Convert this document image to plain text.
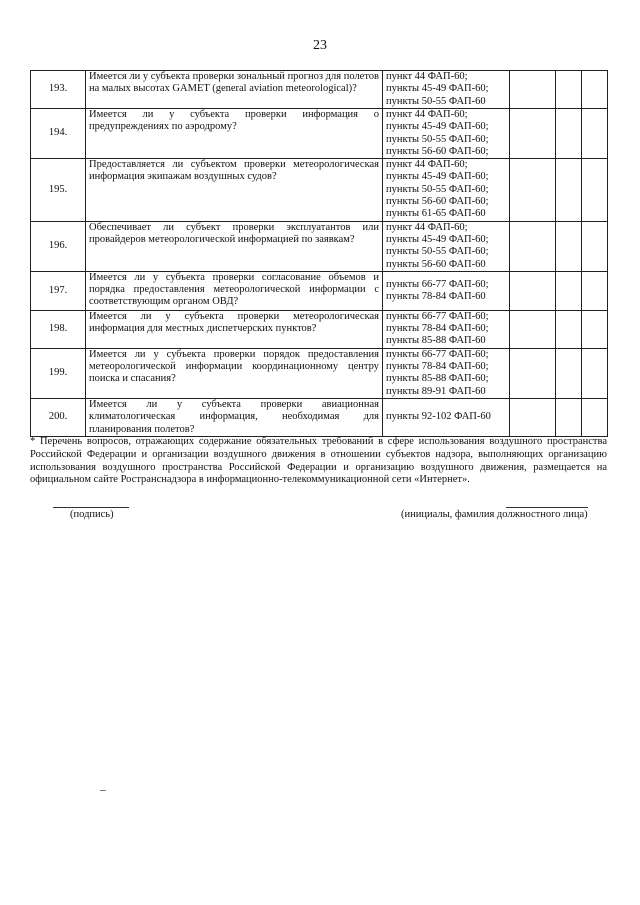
23
193.	Имеется ли у субъекта проверки зональный прогноз для полетов на малых высотах GAMET (general aviation meteorological)?	пункт 44 ФАП-60;
пункты 45-49 ФАП-60;
пункты 50-55 ФАП-60			
194.	Имеется ли у субъекта проверки информация о предупреждениях по аэродрому?	пункт 44 ФАП-60;
пункты 45-49 ФАП-60;
пункты 50-55 ФАП-60;
пункты 56-60 ФАП-60;			
195.	Предоставляется ли субъектом проверки метеорологическая информация экипажам воздушных судов?	пункт 44 ФАП-60;
пункты 45-49 ФАП-60;
пункты 50-55 ФАП-60;
пункты 56-60 ФАП-60;
пункты 61-65 ФАП-60			
196.	Обеспечивает ли субъект проверки эксплуатантов или провайдеров метеорологической информацией по заявкам?	пункт 44 ФАП-60;
пункты 45-49 ФАП-60;
пункты 50-55 ФАП-60;
пункты 56-60 ФАП-60			
197.	Имеется ли у субъекта проверки согласование объемов и порядка предоставления метеорологической информации с соответствующим органом ОВД?	пункты 66-77 ФАП-60;
пункты 78-84 ФАП-60			
198.	Имеется ли у субъекта проверки метеорологическая информация для местных диспетчерских пунктов?	пункты 66-77 ФАП-60;
пункты 78-84 ФАП-60;
пункты 85-88 ФАП-60			
199.	Имеется ли у субъекта проверки порядок предоставления метеорологической информации координационному центру поиска и спасания?	пункты 66-77 ФАП-60;
пункты 78-84 ФАП-60;
пункты 85-88 ФАП-60;
пункты 89-91 ФАП-60			
200.	Имеется ли у субъекта проверки авиационная климатологическая информация, необходимая для планирования полетов?	пункты 92-102 ФАП-60			
* Перечень вопросов, отражающих содержание обязательных требований в сфере использования воздушного пространства Российской Федерации и организации воздушного движения в отношении субъектов надзора, выполняющих организацию использования воздушного пространства Российской Федерации и организацию воздушного движения, размещается на официальном сайте Ространснадзора в информационно-телекоммуникационной сети «Интернет».
(подпись)	(инициалы, фамилия должностного лица)
